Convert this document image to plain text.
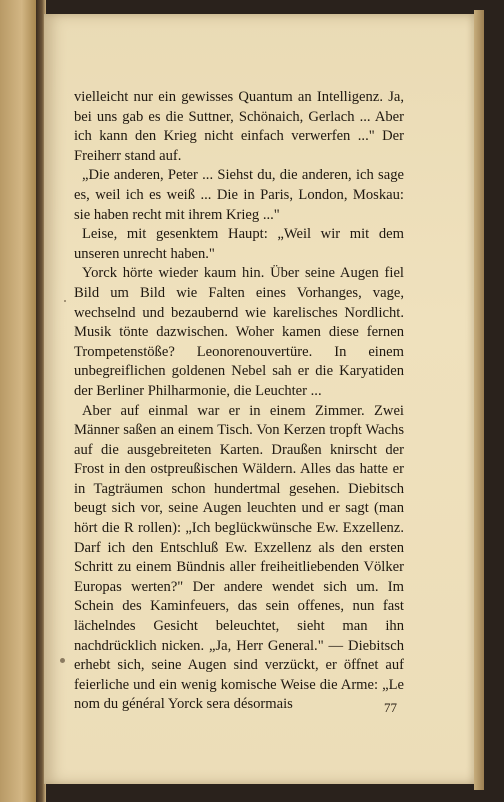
vielleicht nur ein gewisses Quantum an Intelligenz. Ja, bei uns gab es die Suttner, Schönaich, Gerlach ... Aber ich kann den Krieg nicht einfach verwerfen ..." Der Freiherr stand auf.

„Die anderen, Peter ... Siehst du, die anderen, ich sage es, weil ich es weiß ... Die in Paris, London, Moskau: sie haben recht mit ihrem Krieg ..."

Leise, mit gesenktem Haupt: „Weil wir mit dem unseren unrecht haben."

Yorck hörte wieder kaum hin. Über seine Augen fiel Bild um Bild wie Falten eines Vorhanges, vage, wechselnd und bezaubernd wie karelisches Nordlicht. Musik tönte dazwischen. Woher kamen diese fernen Trompetenstöße? Leonorenouvertüre. In einem unbegreiflichen goldenen Nebel sah er die Karyatiden der Berliner Philharmonie, die Leuchter ...

Aber auf einmal war er in einem Zimmer. Zwei Männer saßen an einem Tisch. Von Kerzen tropft Wachs auf die ausgebreiteten Karten. Draußen knirscht der Frost in den ostpreußischen Wäldern. Alles das hatte er in Tagträumen schon hundertmal gesehen. Diebitsch beugt sich vor, seine Augen leuchten und er sagt (man hört die R rollen): „Ich beglückwünsche Ew. Exzellenz. Darf ich den Entschluß Ew. Exzellenz als den ersten Schritt zu einem Bündnis aller freiheitliebenden Völker Europas werten?" Der andere wendet sich um. Im Schein des Kaminfeuers, das sein offenes, nun fast lächelndes Gesicht beleuchtet, sieht man ihn nachdrücklich nicken. „Ja, Herr General." — Diebitsch erhebt sich, seine Augen sind verzückt, er öffnet auf feierliche und ein wenig komische Weise die Arme: „Le nom du général Yorck sera désormais	77
